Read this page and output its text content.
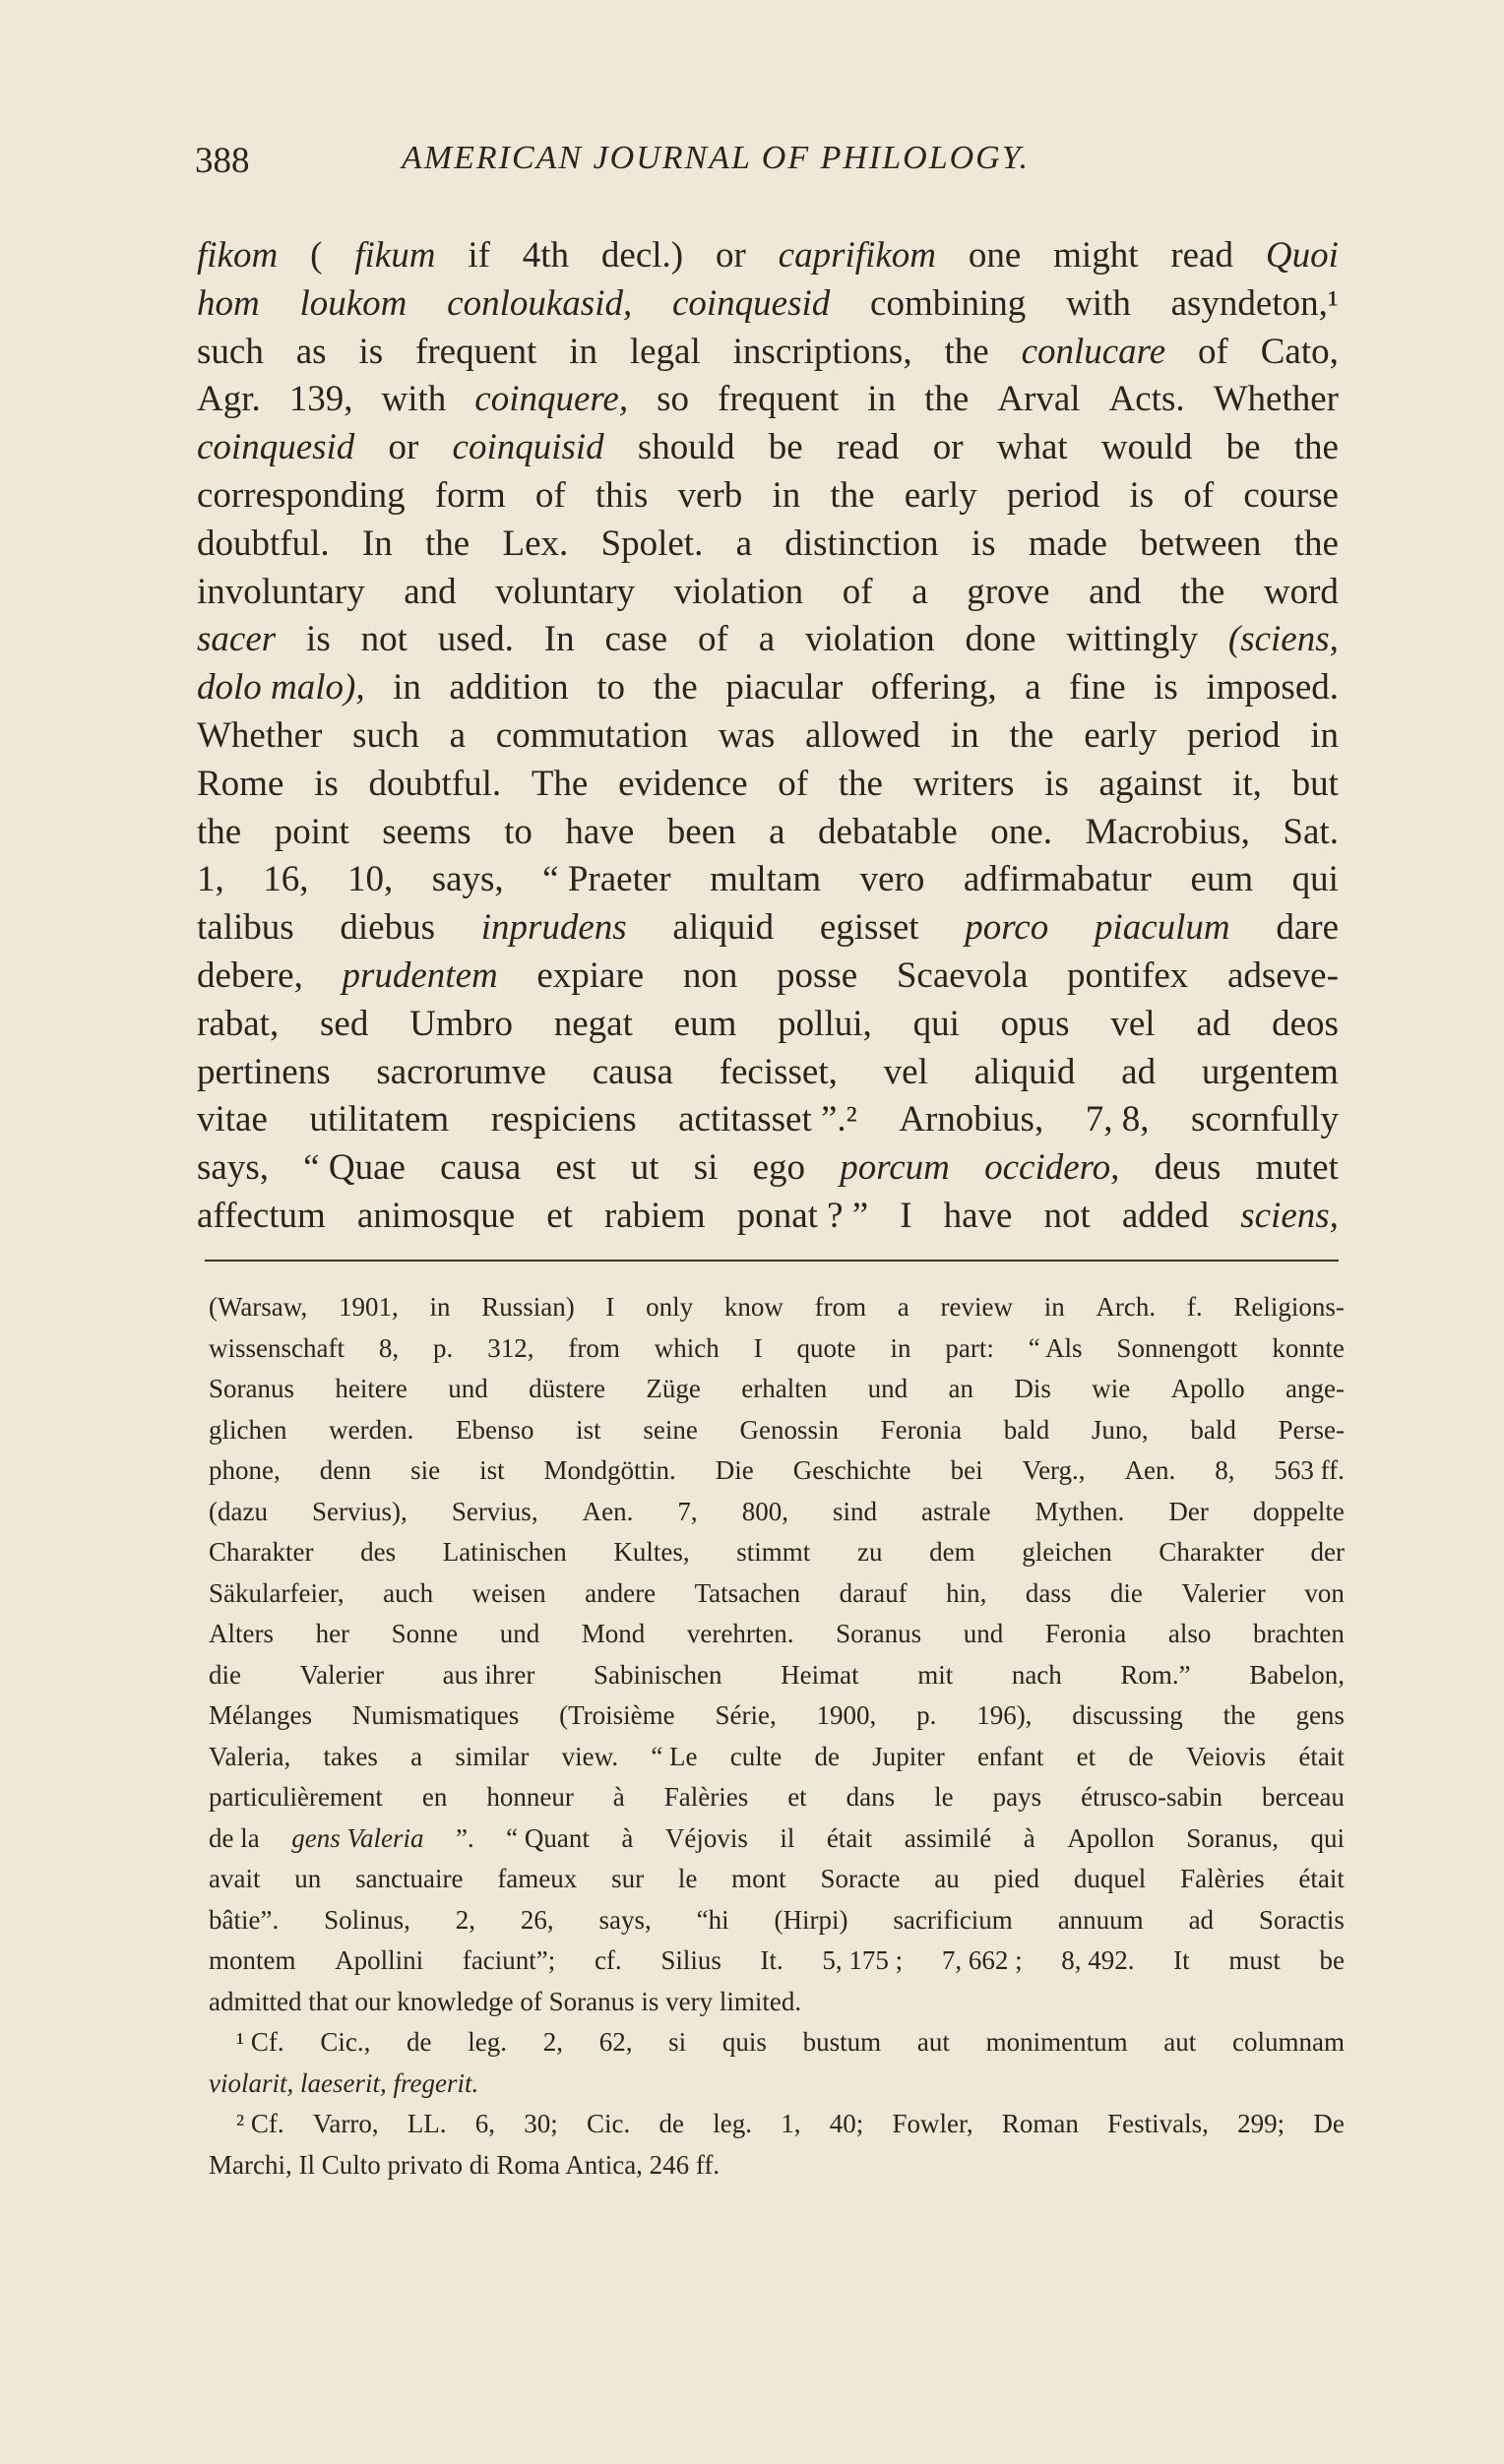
388	AMERICAN JOURNAL OF PHILOLOGY.
fikom ( fikum if 4th decl.) or caprifikom one might read Quoi
hom loukom conloukasid, coinquesid combining with asyndeton,¹
such as is frequent in legal inscriptions, the conlucare of Cato,
Agr. 139, with coinquere, so frequent in the Arval Acts. Whether
coinquesid or coinquisid should be read or what would be the
corresponding form of this verb in the early period is of course
doubtful. In the Lex. Spolet. a distinction is made between the
involuntary and voluntary violation of a grove and the word
sacer is not used. In case of a violation done wittingly (sciens,
dolo malo), in addition to the piacular offering, a fine is imposed.
Whether such a commutation was allowed in the early period in
Rome is doubtful. The evidence of the writers is against it, but
the point seems to have been a debatable one. Macrobius, Sat.
1, 16, 10, says, “ Praeter multam vero adfirmabatur eum qui
talibus diebus inprudens aliquid egisset porco piaculum dare
debere, prudentem expiare non posse Scaevola pontifex adseve-
rabat, sed Umbro negat eum pollui, qui opus vel ad deos
pertinens sacrorumve causa fecisset, vel aliquid ad urgentem
vitae utilitatem respiciens actitasset ”.² Arnobius, 7, 8, scornfully
says, “ Quae causa est ut si ego porcum occidero, deus mutet
affectum animosque et rabiem ponat ? ” I have not added sciens,
(Warsaw, 1901, in Russian) I only know from a review in Arch. f. Religions-
wissenschaft 8, p. 312, from which I quote in part: “ Als Sonnengott konnte
Soranus heitere und düstere Züge erhalten und an Dis wie Apollo ange-
glichen werden. Ebenso ist seine Genossin Feronia bald Juno, bald Perse-
phone, denn sie ist Mondgöttin. Die Geschichte bei Verg., Aen. 8, 563 ff.
(dazu Servius), Servius, Aen. 7, 800, sind astrale Mythen. Der doppelte
Charakter des Latinischen Kultes, stimmt zu dem gleichen Charakter der
Säkularfeier, auch weisen andere Tatsachen darauf hin, dass die Valerier von
Alters her Sonne und Mond verehrten. Soranus und Feronia also brachten
die Valerier aus ihrer Sabinischen Heimat mit nach Rom.” Babelon,
Mélanges Numismatiques (Troisième Série, 1900, p. 196), discussing the gens
Valeria, takes a similar view. “ Le culte de Jupiter enfant et de Veiovis était
particulièrement en honneur à Falèries et dans le pays étrusco-sabin berceau
de la gens Valeria ”. “ Quant à Véjovis il était assimilé à Apollon Soranus, qui
avait un sanctuaire fameux sur le mont Soracte au pied duquel Falèries était
bâtie”. Solinus, 2, 26, says, “hi (Hirpi) sacrificium annuum ad Soractis
montem Apollini faciunt”; cf. Silius It. 5, 175 ; 7, 662 ; 8, 492. It must be
admitted that our knowledge of Soranus is very limited.
¹ Cf. Cic., de leg. 2, 62, si quis bustum aut monimentum aut columnam
violarit, laeserit, fregerit.
² Cf. Varro, LL. 6, 30; Cic. de leg. 1, 40; Fowler, Roman Festivals, 299; De
Marchi, Il Culto privato di Roma Antica, 246 ff.
